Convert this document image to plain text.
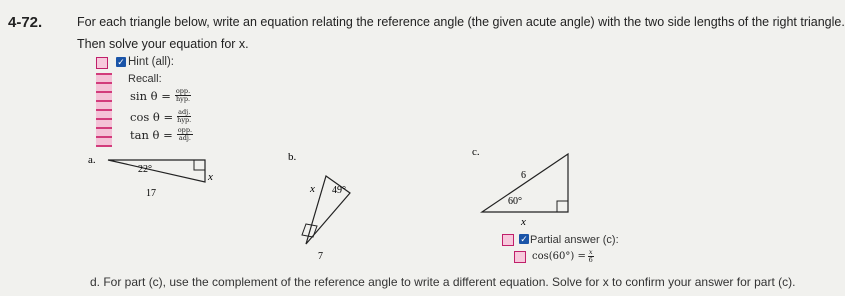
4-72.	For each triangle below, write an equation relating the reference angle (the given acute angle) with the two side lengths of the right triangle.
Then solve your equation for x.
✓ Hint (all):
Recall:
$\sin \theta = \frac{\text{opp.}}{\text{hyp.}}$
$\cos \theta = \frac{\text{adj.}}{\text{hyp.}}$
$\tan \theta = \frac{\text{opp.}}{\text{adj.}}$
a.
22°
17
x
b.
49°
7
x
c.
60°
6
x
✓ Partial answer (c):
$\cos(60^\circ) = \frac{x}{6}$
d. For part (c), use the complement of the reference angle to write a different equation. Solve for x to confirm your answer for part (c).
